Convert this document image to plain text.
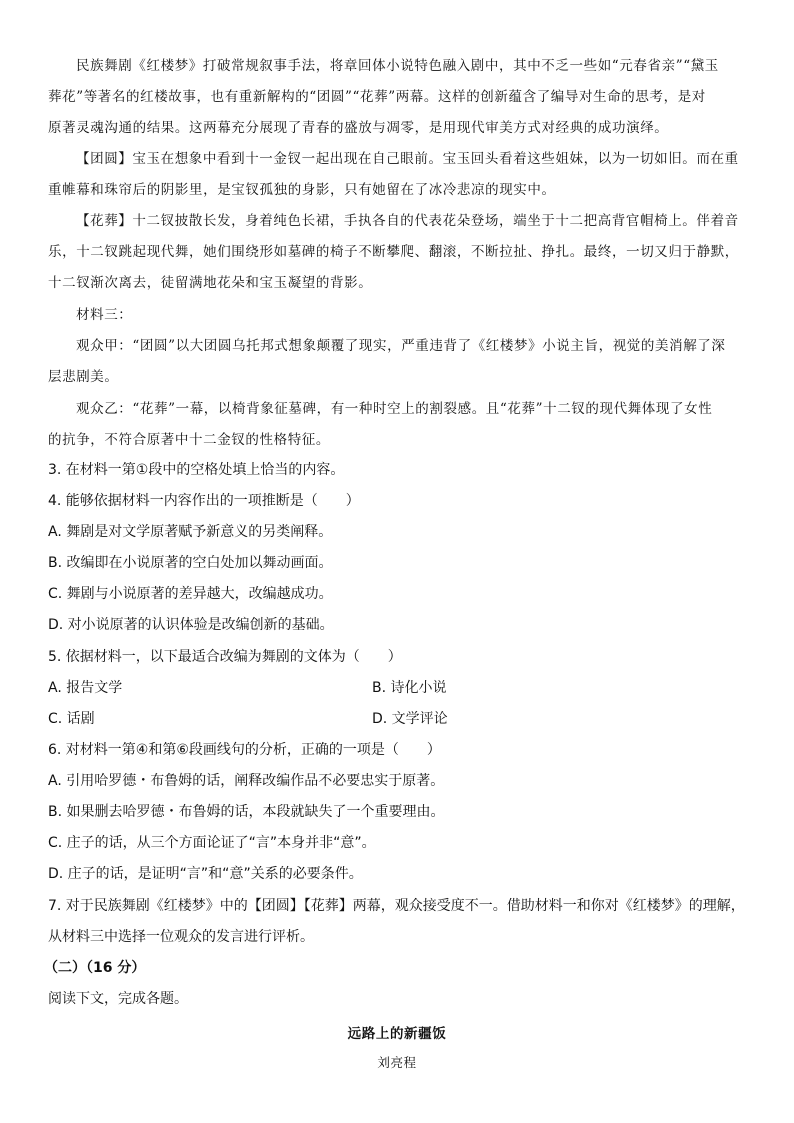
民族舞剧《红楼梦》打破常规叙事手法，将章回体小说特色融入剧中，其中不乏一些如“元春省亲”“黛玉
葬花”等著名的红楼故事，也有重新解构的“团圆”“花葬”两幕。这样的创新蕴含了编导对生命的思考，是对
原著灵魂沟通的结果。这两幕充分展现了青春的盛放与凋零，是用现代审美方式对经典的成功演绎。
【团圆】宝玉在想象中看到十一金钗一起出现在自己眼前。宝玉回头看着这些姐妹，以为一切如旧。而在重
重帷幕和珠帘后的阴影里，是宝钗孤独的身影，只有她留在了冰冷悲凉的现实中。
【花葬】十二钗披散长发，身着纯色长裙，手执各自的代表花朵登场，端坐于十二把高背官帽椅上。伴着音
乐，十二钗跳起现代舞，她们围绕形如墓碑的椅子不断攀爬、翻滚，不断拉扯、挣扎。最终，一切又归于静默，
十二钗渐次离去，徒留满地花朵和宝玉凝望的背影。
材料三：
观众甲：“团圆”以大团圆乌托邦式想象颠覆了现实，严重违背了《红楼梦》小说主旨，视觉的美消解了深
层悲剧美。
观众乙：“花葬”一幕，以椅背象征墓碑，有一种时空上的割裂感。且“花葬”十二钗的现代舞体现了女性
的抗争，不符合原著中十二金钗的性格特征。
3. 在材料一第①段中的空格处填上恰当的内容。
4. 能够依据材料一内容作出的一项推断是（　　）
A. 舞剧是对文学原著赋予新意义的另类阐释。
B. 改编即在小说原著的空白处加以舞动画面。
C. 舞剧与小说原著的差异越大，改编越成功。
D. 对小说原著的认识体验是改编创新的基础。
5. 依据材料一，以下最适合改编为舞剧的文体为（　　）
A. 报告文学	B. 诗化小说
C. 话剧	D. 文学评论
6. 对材料一第④和第⑥段画线句的分析，正确的一项是（　　）
A. 引用哈罗德・布鲁姆的话，阐释改编作品不必要忠实于原著。
B. 如果删去哈罗德・布鲁姆的话，本段就缺失了一个重要理由。
C. 庄子的话，从三个方面论证了“言”本身并非“意”。
D. 庄子的话，是证明“言”和“意”关系的必要条件。
7. 对于民族舞剧《红楼梦》中的【团圆】【花葬】两幕，观众接受度不一。借助材料一和你对《红楼梦》的理解，
从材料三中选择一位观众的发言进行评析。
（二）（16 分）
阅读下文，完成各题。
远路上的新疆饭
刘亮程
